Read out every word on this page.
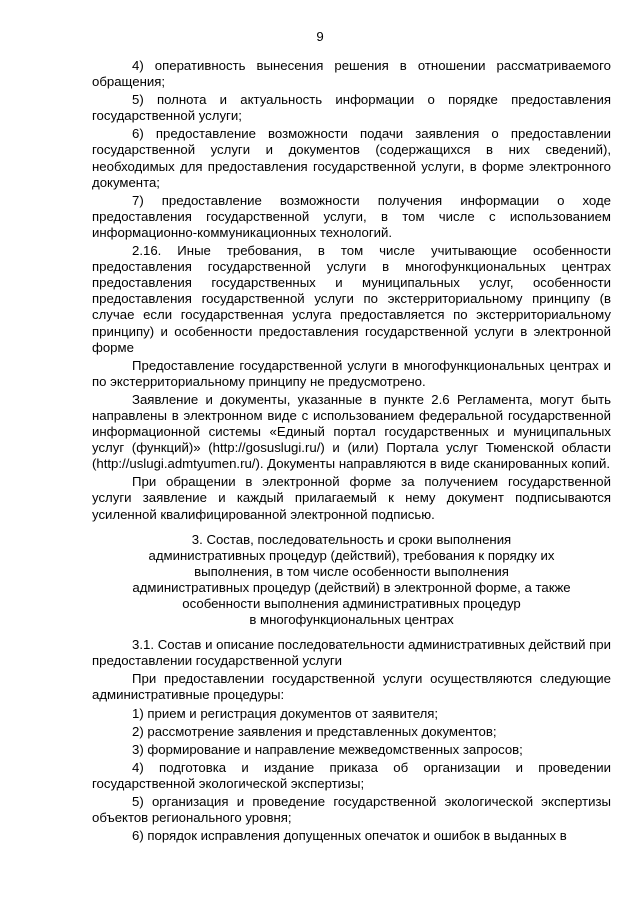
9

4) оперативность вынесения решения в отношении рассматриваемого обращения;

5) полнота и актуальность информации о порядке предоставления государственной услуги;

6) предоставление возможности подачи заявления о предоставлении государственной услуги и документов (содержащихся в них сведений), необходимых для предоставления государственной услуги, в форме электронного документа;

7) предоставление возможности получения информации о ходе предоставления государственной услуги, в том числе с использованием информационно-коммуникационных технологий.

2.16. Иные требования, в том числе учитывающие особенности предоставления государственной услуги в многофункциональных центрах предоставления государственных и муниципальных услуг, особенности предоставления государственной услуги по экстерриториальному принципу (в случае если государственная услуга предоставляется по экстерриториальному принципу) и особенности предоставления государственной услуги в электронной форме

Предоставление государственной услуги в многофункциональных центрах и по экстерриториальному принципу не предусмотрено.

Заявление и документы, указанные в пункте 2.6 Регламента, могут быть направлены в электронном виде с использованием федеральной государственной информационной системы «Единый портал государственных и муниципальных услуг (функций)» (http://gosuslugi.ru/) и (или) Портала услуг Тюменской области (http://uslugi.admtyumen.ru/). Документы направляются в виде сканированных копий.

При обращении в электронной форме за получением государственной услуги заявление и каждый прилагаемый к нему документ подписываются усиленной квалифицированной электронной подписью.

3. Состав, последовательность и сроки выполнения
административных процедур (действий), требования к порядку их
выполнения, в том числе особенности выполнения
административных процедур (действий) в электронной форме, а также
особенности выполнения административных процедур
в многофункциональных центрах

3.1. Состав и описание последовательности административных действий при предоставлении государственной услуги

При предоставлении государственной услуги осуществляются следующие административные процедуры:

1) прием и регистрация документов от заявителя;

2) рассмотрение заявления и представленных документов;

3) формирование и направление межведомственных запросов;

4) подготовка и издание приказа об организации и проведении государственной экологической экспертизы;

5) организация и проведение государственной экологической экспертизы объектов регионального уровня;

6) порядок исправления допущенных опечаток и ошибок в выданных в
